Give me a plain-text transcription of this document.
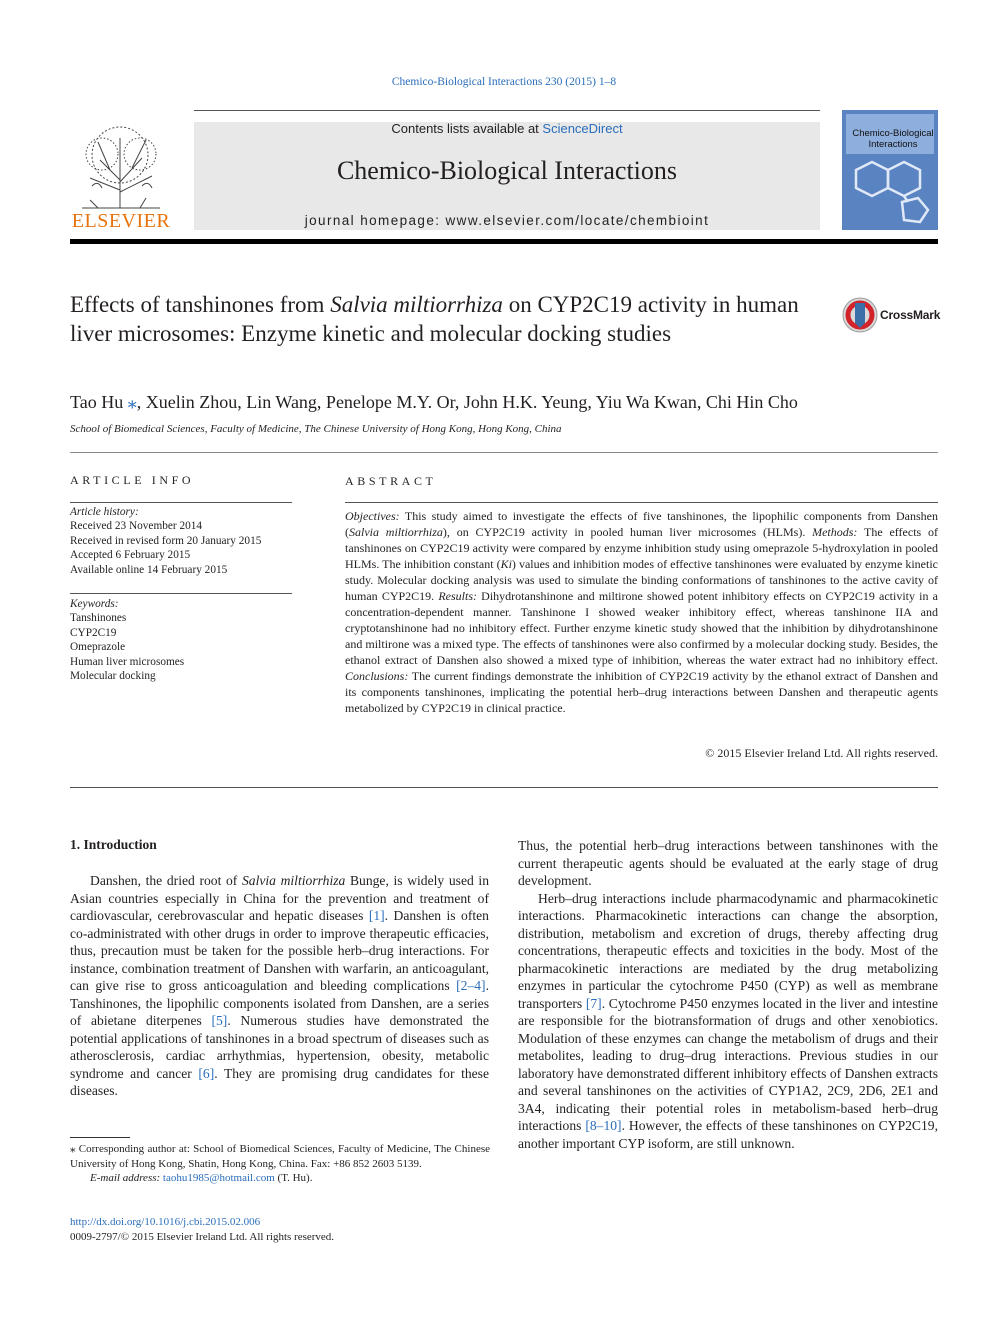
Chemico-Biological Interactions 230 (2015) 1–8
Contents lists available at ScienceDirect
Chemico-Biological Interactions
journal homepage: www.elsevier.com/locate/chembioint
ELSEVIER
Chemico-Biological Interactions
Effects of tanshinones from Salvia miltiorrhiza on CYP2C19 activity in human liver microsomes: Enzyme kinetic and molecular docking studies
CrossMark
Tao Hu ⁎, Xuelin Zhou, Lin Wang, Penelope M.Y. Or, John H.K. Yeung, Yiu Wa Kwan, Chi Hin Cho
School of Biomedical Sciences, Faculty of Medicine, The Chinese University of Hong Kong, Hong Kong, China
ARTICLE INFO
Article history:
Received 23 November 2014
Received in revised form 20 January 2015
Accepted 6 February 2015
Available online 14 February 2015
Keywords:
Tanshinones
CYP2C19
Omeprazole
Human liver microsomes
Molecular docking
ABSTRACT
Objectives: This study aimed to investigate the effects of five tanshinones, the lipophilic components from Danshen (Salvia miltiorrhiza), on CYP2C19 activity in pooled human liver microsomes (HLMs). Methods: The effects of tanshinones on CYP2C19 activity were compared by enzyme inhibition study using omeprazole 5-hydroxylation in pooled HLMs. The inhibition constant (Ki) values and inhibition modes of effective tanshinones were evaluated by enzyme kinetic study. Molecular docking analysis was used to simulate the binding conformations of tanshinones to the active cavity of human CYP2C19. Results: Dihydrotanshinone and miltirone showed potent inhibitory effects on CYP2C19 activity in a concentration-dependent manner. Tanshinone I showed weaker inhibitory effect, whereas tanshinone IIA and cryptotanshinone had no inhibitory effect. Further enzyme kinetic study showed that the inhibition by dihydrotanshinone and miltirone was a mixed type. The effects of tanshinones were also confirmed by a molecular docking study. Besides, the ethanol extract of Danshen also showed a mixed type of inhibition, whereas the water extract had no inhibitory effect. Conclusions: The current findings demonstrate the inhibition of CYP2C19 activity by the ethanol extract of Danshen and its components tanshinones, implicating the potential herb–drug interactions between Danshen and therapeutic agents metabolized by CYP2C19 in clinical practice.
© 2015 Elsevier Ireland Ltd. All rights reserved.
1. Introduction

Danshen, the dried root of Salvia miltiorrhiza Bunge, is widely used in Asian countries especially in China for the prevention and treatment of cardiovascular, cerebrovascular and hepatic diseases [1]. Danshen is often co-administrated with other drugs in order to improve therapeutic efficacies, thus, precaution must be taken for the possible herb–drug interactions. For instance, combination treatment of Danshen with warfarin, an anticoagulant, can give rise to gross anticoagulation and bleeding complications [2–4]. Tanshinones, the lipophilic components isolated from Danshen, are a series of abietane diterpenes [5]. Numerous studies have demonstrated the potential applications of tanshinones in a broad spectrum of diseases such as atherosclerosis, cardiac arrhythmias, hypertension, obesity, metabolic syndrome and cancer [6]. They are promising drug candidates for these diseases.

Thus, the potential herb–drug interactions between tanshinones with the current therapeutic agents should be evaluated at the early stage of drug development.

Herb–drug interactions include pharmacodynamic and pharmacokinetic interactions. Pharmacokinetic interactions can change the absorption, distribution, metabolism and excretion of drugs, thereby affecting drug concentrations, therapeutic effects and toxicities in the body. Most of the pharmacokinetic interactions are mediated by the drug metabolizing enzymes in particular the cytochrome P450 (CYP) as well as membrane transporters [7]. Cytochrome P450 enzymes located in the liver and intestine are responsible for the biotransformation of drugs and other xenobiotics. Modulation of these enzymes can change the metabolism of drugs and their metabolites, leading to drug–drug interactions. Previous studies in our laboratory have demonstrated different inhibitory effects of Danshen extracts and several tanshinones on the activities of CYP1A2, 2C9, 2D6, 2E1 and 3A4, indicating their potential roles in metabolism-based herb–drug interactions [8–10]. However, the effects of these tanshinones on CYP2C19, another important CYP isoform, are still unknown.

⁎ Corresponding author at: School of Biomedical Sciences, Faculty of Medicine, The Chinese University of Hong Kong, Shatin, Hong Kong, China. Fax: +86 852 2603 5139.
E-mail address: taohu1985@hotmail.com (T. Hu).
http://dx.doi.org/10.1016/j.cbi.2015.02.006
0009-2797/© 2015 Elsevier Ireland Ltd. All rights reserved.
